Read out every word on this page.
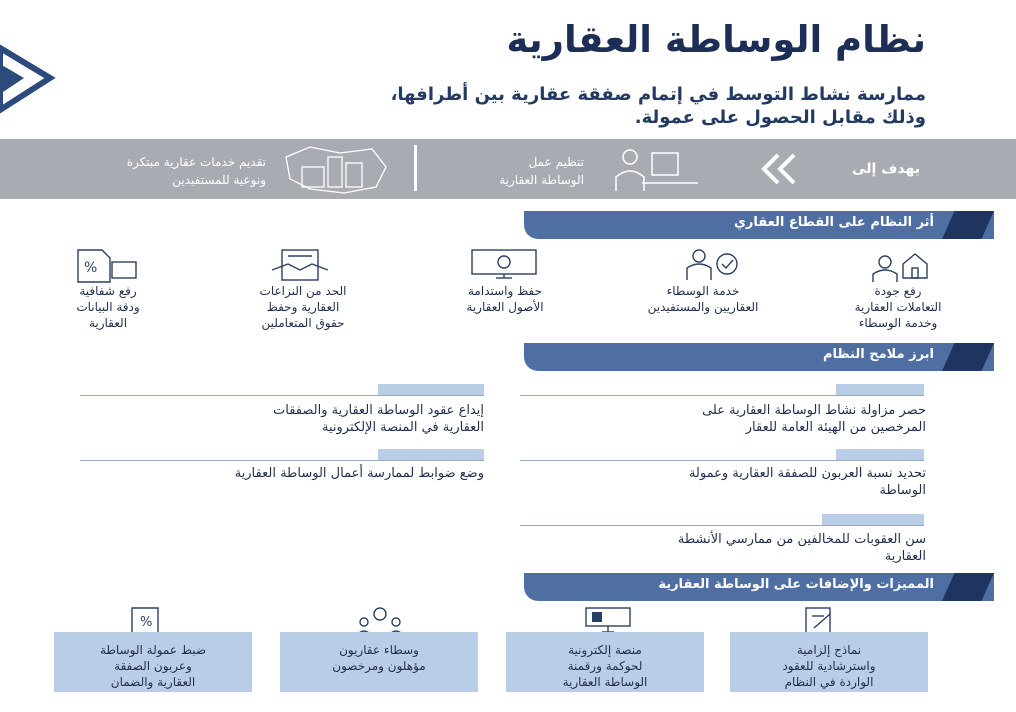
نظام الوساطة العقارية
ممارسة نشاط التوسط في إتمام صفقة عقارية بين أطرافها،
وذلك مقابل الحصول على عمولة.
يهدف إلى
تنظيم عمل
الوساطة العقارية
تقديم خدمات عقارية مبتكرة
ونوعية للمستفيدين
أثر النظام على القطاع العقاري
رفع جودة
التعاملات العقارية
وخدمة الوسطاء
خدمة الوسطاء
العقاريين والمستفيدين
حفظ واستدامة
الأصول العقارية
الحد من النزاعات
العقارية وحفظ
حقوق المتعاملين
%
رفع شفافية
ودقة البيانات
العقارية
ابرز ملامح النظام
حصر مزاولة نشاط الوساطة العقارية على
المرخصين من الهيئة العامة للعقار
تحديد نسبة العربون للصفقة العقارية وعمولة
الوساطة
سن العقوبات للمخالفين من ممارسي الأنشطة
العقارية
إيداع عقود الوساطة العقارية والصفقات
العقارية في المنصة الإلكترونية
وضع ضوابط لممارسة أعمال الوساطة العقارية
المميزات والإضافات على الوساطة العقارية
نماذج إلزامية
واسترشادية للعقود
الواردة في النظام
منصة إلكترونية
لحوكمة ورقمنة
الوساطة العقارية
وسطاء عقاريون
مؤهلون ومرخصون
%
ضبط عمولة الوساطة
وعربون الصفقة
العقارية والضمان
